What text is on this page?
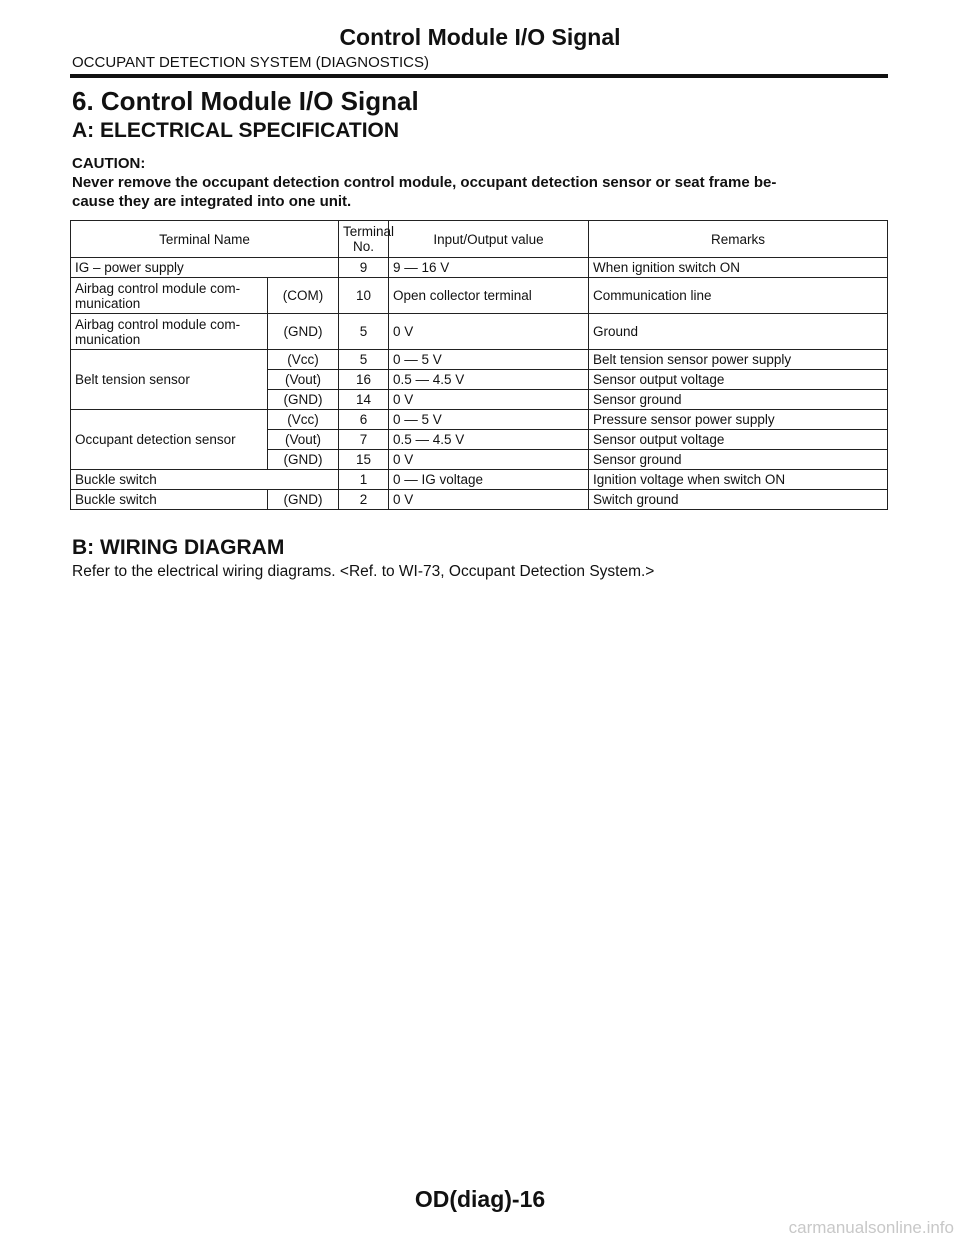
Control Module I/O Signal
OCCUPANT DETECTION SYSTEM (DIAGNOSTICS)
6. Control Module I/O Signal
A: ELECTRICAL SPECIFICATION
CAUTION:
Never remove the occupant detection control module, occupant detection sensor or seat frame be-
cause they are integrated into one unit.
Terminal Name		Terminal No.	Input/Output value	Remarks
IG – power supply		9	9 — 16 V	When ignition switch ON
Airbag control module com-munication	(COM)	10	Open collector terminal	Communication line
Airbag control module com-munication	(GND)	5	0 V	Ground
Belt tension sensor	(Vcc)	5	0 — 5 V	Belt tension sensor power supply
	(Vout)	16	0.5 — 4.5 V	Sensor output voltage
	(GND)	14	0 V	Sensor ground
Occupant detection sensor	(Vcc)	6	0 — 5 V	Pressure sensor power supply
	(Vout)	7	0.5 — 4.5 V	Sensor output voltage
	(GND)	15	0 V	Sensor ground
Buckle switch		1	0 — IG voltage	Ignition voltage when switch ON
Buckle switch	(GND)	2	0 V	Switch ground
B: WIRING DIAGRAM
Refer to the electrical wiring diagrams. <Ref. to WI-73, Occupant Detection System.>
OD(diag)-16
carmanualsonline.info
